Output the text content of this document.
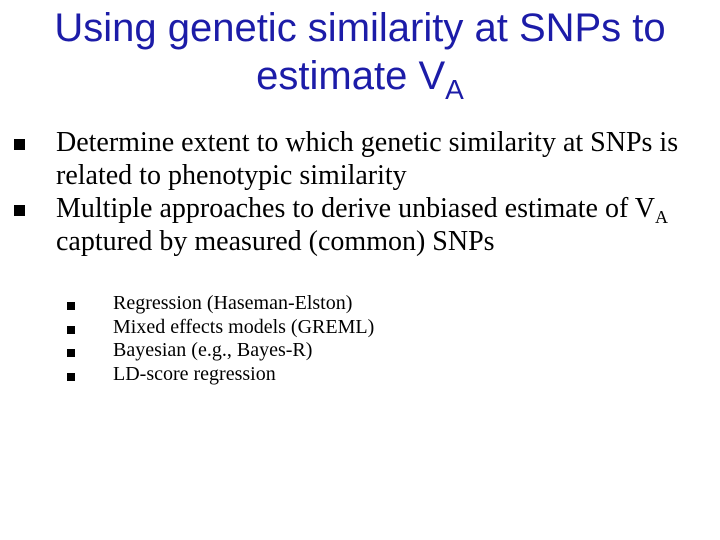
Using genetic similarity at SNPs to estimate $V_A$
Determine extent to which genetic similarity at SNPs is related to phenotypic similarity
Multiple approaches to derive unbiased estimate of $V_A$ captured by measured (common) SNPs
Regression (Haseman-Elston)
Mixed effects models (GREML)
Bayesian (e.g., Bayes-R)
LD-score regression
